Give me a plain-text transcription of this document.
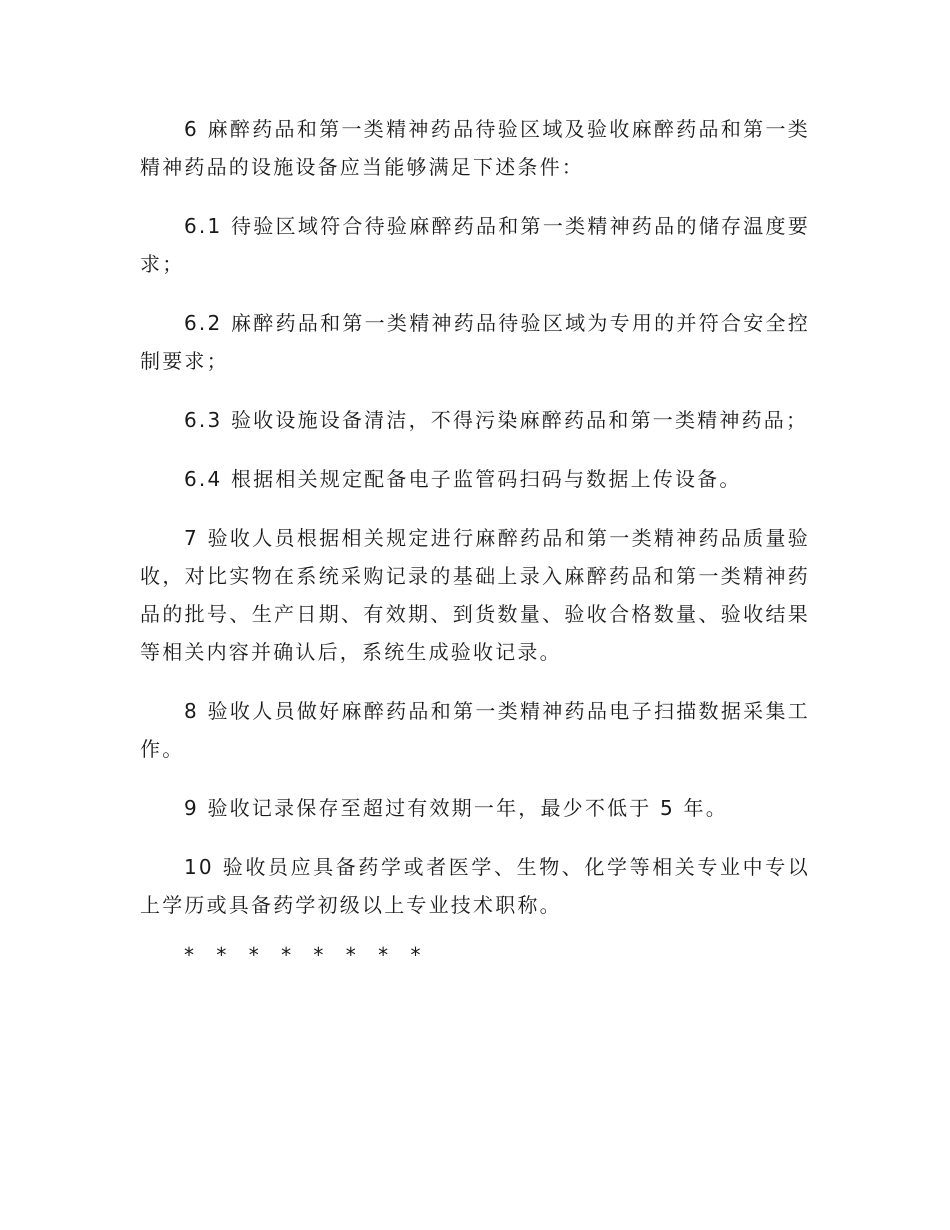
6 麻醉药品和第一类精神药品待验区域及验收麻醉药品和第一类精神药品的设施设备应当能够满足下述条件：

6.1 待验区域符合待验麻醉药品和第一类精神药品的储存温度要求；

6.2 麻醉药品和第一类精神药品待验区域为专用的并符合安全控制要求；

6.3 验收设施设备清洁，不得污染麻醉药品和第一类精神药品；

6.4 根据相关规定配备电子监管码扫码与数据上传设备。

7 验收人员根据相关规定进行麻醉药品和第一类精神药品质量验收，对比实物在系统采购记录的基础上录入麻醉药品和第一类精神药品的批号、生产日期、有效期、到货数量、验收合格数量、验收结果等相关内容并确认后，系统生成验收记录。

8 验收人员做好麻醉药品和第一类精神药品电子扫描数据采集工作。

9 验收记录保存至超过有效期一年，最少不低于 5 年。

10 验收员应具备药学或者医学、生物、化学等相关专业中专以上学历或具备药学初级以上专业技术职称。

* * * * * * * *
